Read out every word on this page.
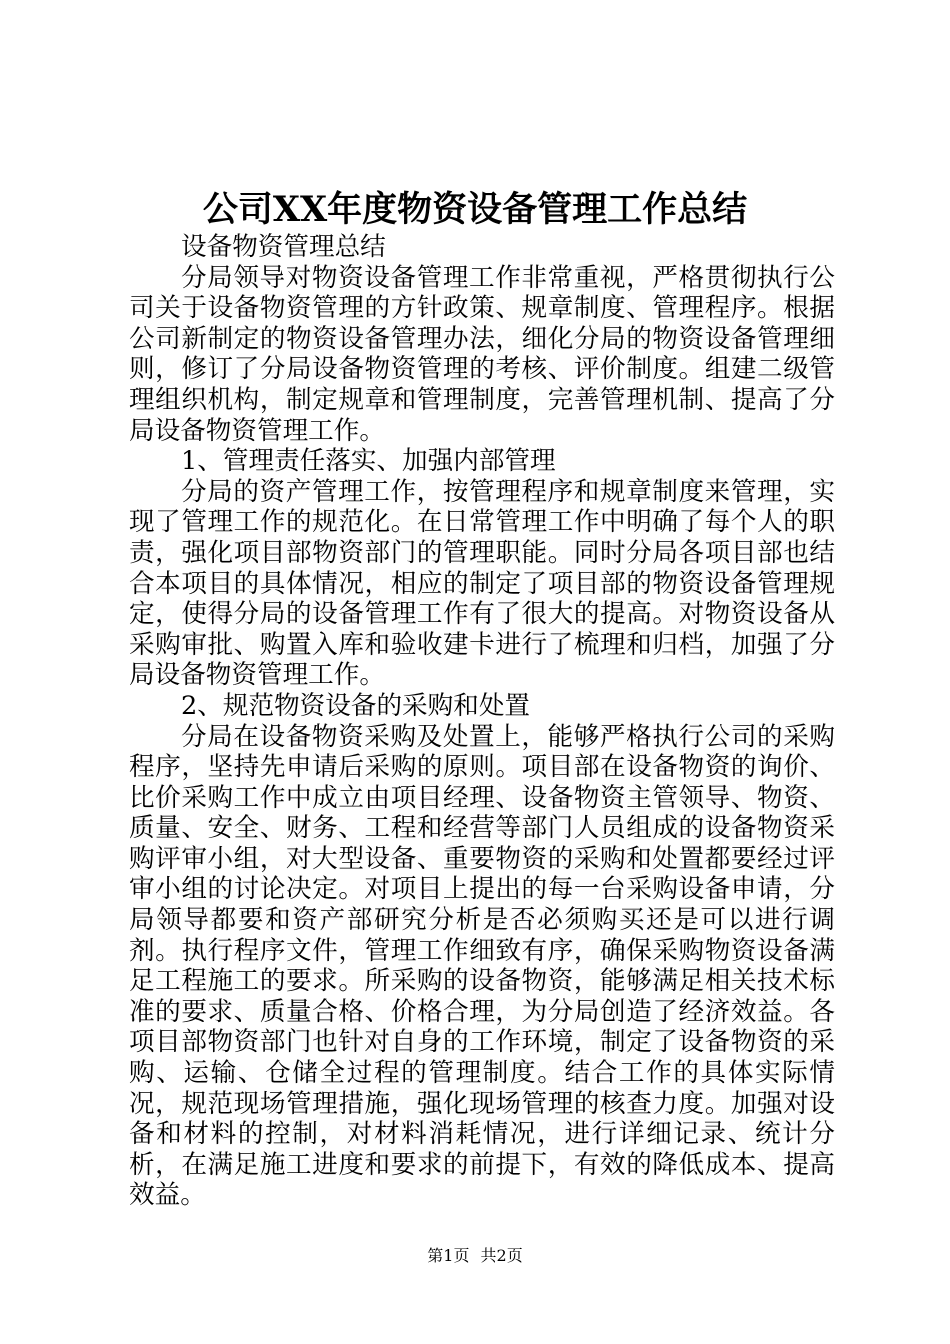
公司XX年度物资设备管理工作总结

设备物资管理总结

分局领导对物资设备管理工作非常重视，严格贯彻执行公司关于设备物资管理的方针政策、规章制度、管理程序。根据公司新制定的物资设备管理办法，细化分局的物资设备管理细则，修订了分局设备物资管理的考核、评价制度。组建二级管理组织机构，制定规章和管理制度，完善管理机制、提高了分局设备物资管理工作。

1、管理责任落实、加强内部管理

分局的资产管理工作，按管理程序和规章制度来管理，实现了管理工作的规范化。在日常管理工作中明确了每个人的职责，强化项目部物资部门的管理职能。同时分局各项目部也结合本项目的具体情况，相应的制定了项目部的物资设备管理规定，使得分局的设备管理工作有了很大的提高。对物资设备从采购审批、购置入库和验收建卡进行了梳理和归档，加强了分局设备物资管理工作。

2、规范物资设备的采购和处置

分局在设备物资采购及处置上，能够严格执行公司的采购程序，坚持先申请后采购的原则。项目部在设备物资的询价、比价采购工作中成立由项目经理、设备物资主管领导、物资、质量、安全、财务、工程和经营等部门人员组成的设备物资采购评审小组，对大型设备、重要物资的采购和处置都要经过评审小组的讨论决定。对项目上提出的每一台采购设备申请，分局领导都要和资产部研究分析是否必须购买还是可以进行调剂。执行程序文件，管理工作细致有序，确保采购物资设备满足工程施工的要求。所采购的设备物资，能够满足相关技术标准的要求、质量合格、价格合理，为分局创造了经济效益。各项目部物资部门也针对自身的工作环境，制定了设备物资的采购、运输、仓储全过程的管理制度。结合工作的具体实际情况，规范现场管理措施，强化现场管理的核查力度。加强对设备和材料的控制，对材料消耗情况，进行详细记录、统计分析，在满足施工进度和要求的前提下，有效的降低成本、提高效益。

第1页 共2页
